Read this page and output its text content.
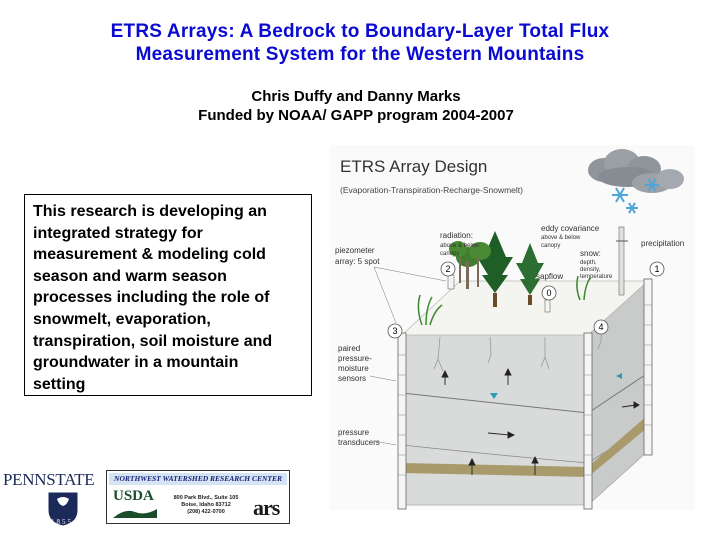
ETRS Arrays: A Bedrock to Boundary-Layer Total Flux
Measurement System for the Western Mountains
Chris Duffy and Danny Marks
Funded by NOAA/ GAPP program 2004-2007

This research is developing an

integrated strategy for

measurement & modeling cold

season and warm season

processes including the role of

snowmelt, evaporation,

transpiration, soil moisture and

groundwater in a mountain

setting

ETRS Array Design
(Evaporation-Transpiration-Recharge-Snowmelt)
0
1
2
3	4
radiation:
above & below
canopy
eddy covariance
above & below
canopy	precipitation
piezometer
array: 5 spot
snow:
depth,
density,
temperature
sapflow
paired
pressure-
moisture
sensors
pressure
transducers
PENNSTATE
1855
NORTHWEST WATERSHED RESEARCH CENTER
USDA	800 Park Blvd., Suite 105
Boise, Idaho 83712
(208) 422-0700	ars
